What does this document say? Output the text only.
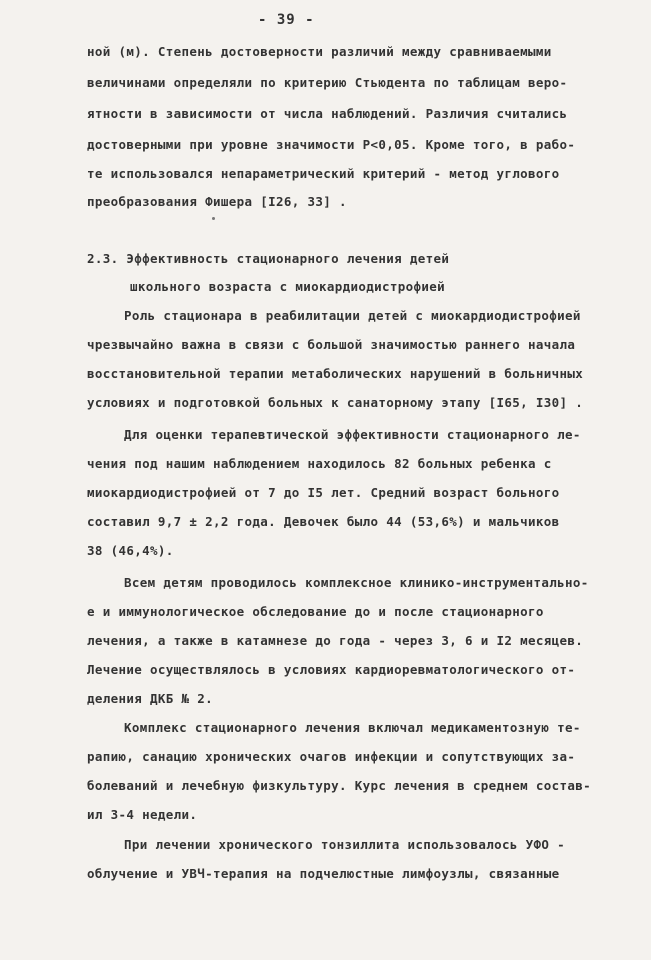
- 39 -
ной (м). Степень достоверности различий между сравниваемыми
величинами определяли по критерию Стьюдента по таблицам веро-
ятности в зависимости от числа наблюдений. Различия считались
достоверными при уровне значимости P<0,05. Кроме того, в рабо-
те использовался непараметрический критерий - метод углового
преобразования Фишера [I26, 33] .
2.3. Эффективность стационарного лечения детей
школьного возраста с миокардиодистрофией
Роль стационара в реабилитации детей с миокардиодистрофией
чрезвычайно важна в связи с большой значимостью раннего начала
восстановительной терапии метаболических нарушений в больничных
условиях и подготовкой больных к санаторному этапу [I65, I30] .
Для оценки терапевтической эффективности стационарного ле-
чения под нашим наблюдением находилось 82 больных ребенка с
миокардиодистрофией от 7 до I5 лет. Средний возраст больного
составил 9,7 ± 2,2 года. Девочек было 44 (53,6%) и мальчиков
38 (46,4%).
Всем детям проводилось комплексное клинико-инструментально-
е и иммунологическое обследование до и после стационарного
лечения, а также в катамнезе до года - через 3, 6 и I2 месяцев.
Лечение осуществлялось в условиях кардиоревматологического от-
деления ДКБ № 2.
Комплекс стационарного лечения включал медикаментозную те-
рапию, санацию хронических очагов инфекции и сопутствующих за-
болеваний и лечебную физкультуру. Курс лечения в среднем состав-
ил 3-4 недели.
При лечении хронического тонзиллита использовалось УФО -
облучение и УВЧ-терапия на подчелюстные лимфоузлы, связанные
